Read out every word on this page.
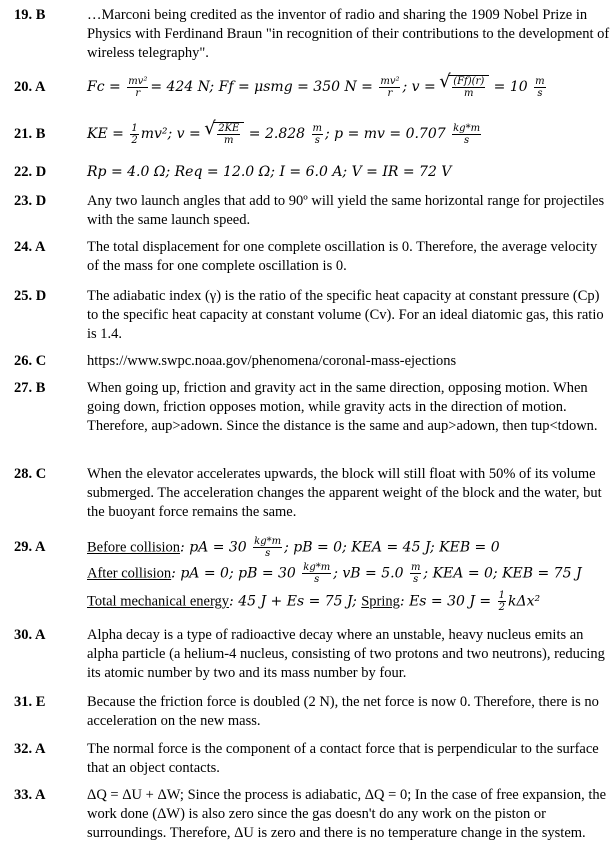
19. B	…Marconi being credited as the inventor of radio and sharing the 1909 Nobel Prize in Physics with Ferdinand Braun "in recognition of their contributions to the development of wireless telegraphy".
20. A	$Fc = \frac{\text{mv²}}{r} = 424$ N; Ff = μsmg = 350 $N = \frac{\text{mv²}}{r}$ ; v = √ $\frac{(Ff)(r)}{m} = 10 \frac{m}{s}$
21. B	KE = $\frac{1}{2} mv^2$; v = √ $\frac{2KE}{m} = 2.828 \frac{m}{s}$ ; p = mv = $0.707 \frac{kg*m}{s}$
22. D	Rp = 4.0 Ω; Req = 12.0 Ω; I = 6.0 A; V = IR = 72 V
23. D	Any two launch angles that add to 90º will yield the same horizontal range for projectiles with the same launch speed.
24. A	The total displacement for one complete oscillation is 0. Therefore, the average velocity of the mass for one complete oscillation is 0.
25. D	The adiabatic index (γ) is the ratio of the specific heat capacity at constant pressure (Cp) to the specific heat capacity at constant volume (Cv). For an ideal diatomic gas, this ratio is 1.4.
26. C	https://www.swpc.noaa.gov/phenomena/coronal-mass-ejections
27. B	When going up, friction and gravity act in the same direction, opposing motion. When going down, friction opposes motion, while gravity acts in the direction of motion. Therefore, aup>adown. Since the distance is the same and aup>adown, then tup<tdown.
28. C	When the elevator accelerates upwards, the block will still float with 50% of its volume submerged. The acceleration changes the apparent weight of the block and the water, but the buoyant force remains the same.
29. A	Before collision: pA = $30 \frac{kg*m}{s}$ ; pB = 0; KEA = 45 J; KEB = 0
After collision: pA = 0; pB = $30 \frac{kg*m}{s}$ ; vB = $5.0 \frac{m}{s}$ ; KEA = 0; KEB = 75 J
Total mechanical energy: 45 J + Es = 75 J; Spring: Es = 30 $J = \frac{1}{2} k\Delta x^2$
30. A	Alpha decay is a type of radioactive decay where an unstable, heavy nucleus emits an alpha particle (a helium-4 nucleus, consisting of two protons and two neutrons), reducing its atomic number by two and its mass number by four.
31. E	Because the friction force is doubled (2 N), the net force is now 0. Therefore, there is no acceleration on the new mass.
32. A	The normal force is the component of a contact force that is perpendicular to the surface that an object contacts.
33. A	ΔQ = ΔU + ΔW; Since the process is adiabatic, ΔQ = 0; In the case of free expansion, the work done (ΔW) is also zero since the gas doesn't do any work on the piston or surroundings. Therefore, ΔU is zero and there is no temperature change in the system.
